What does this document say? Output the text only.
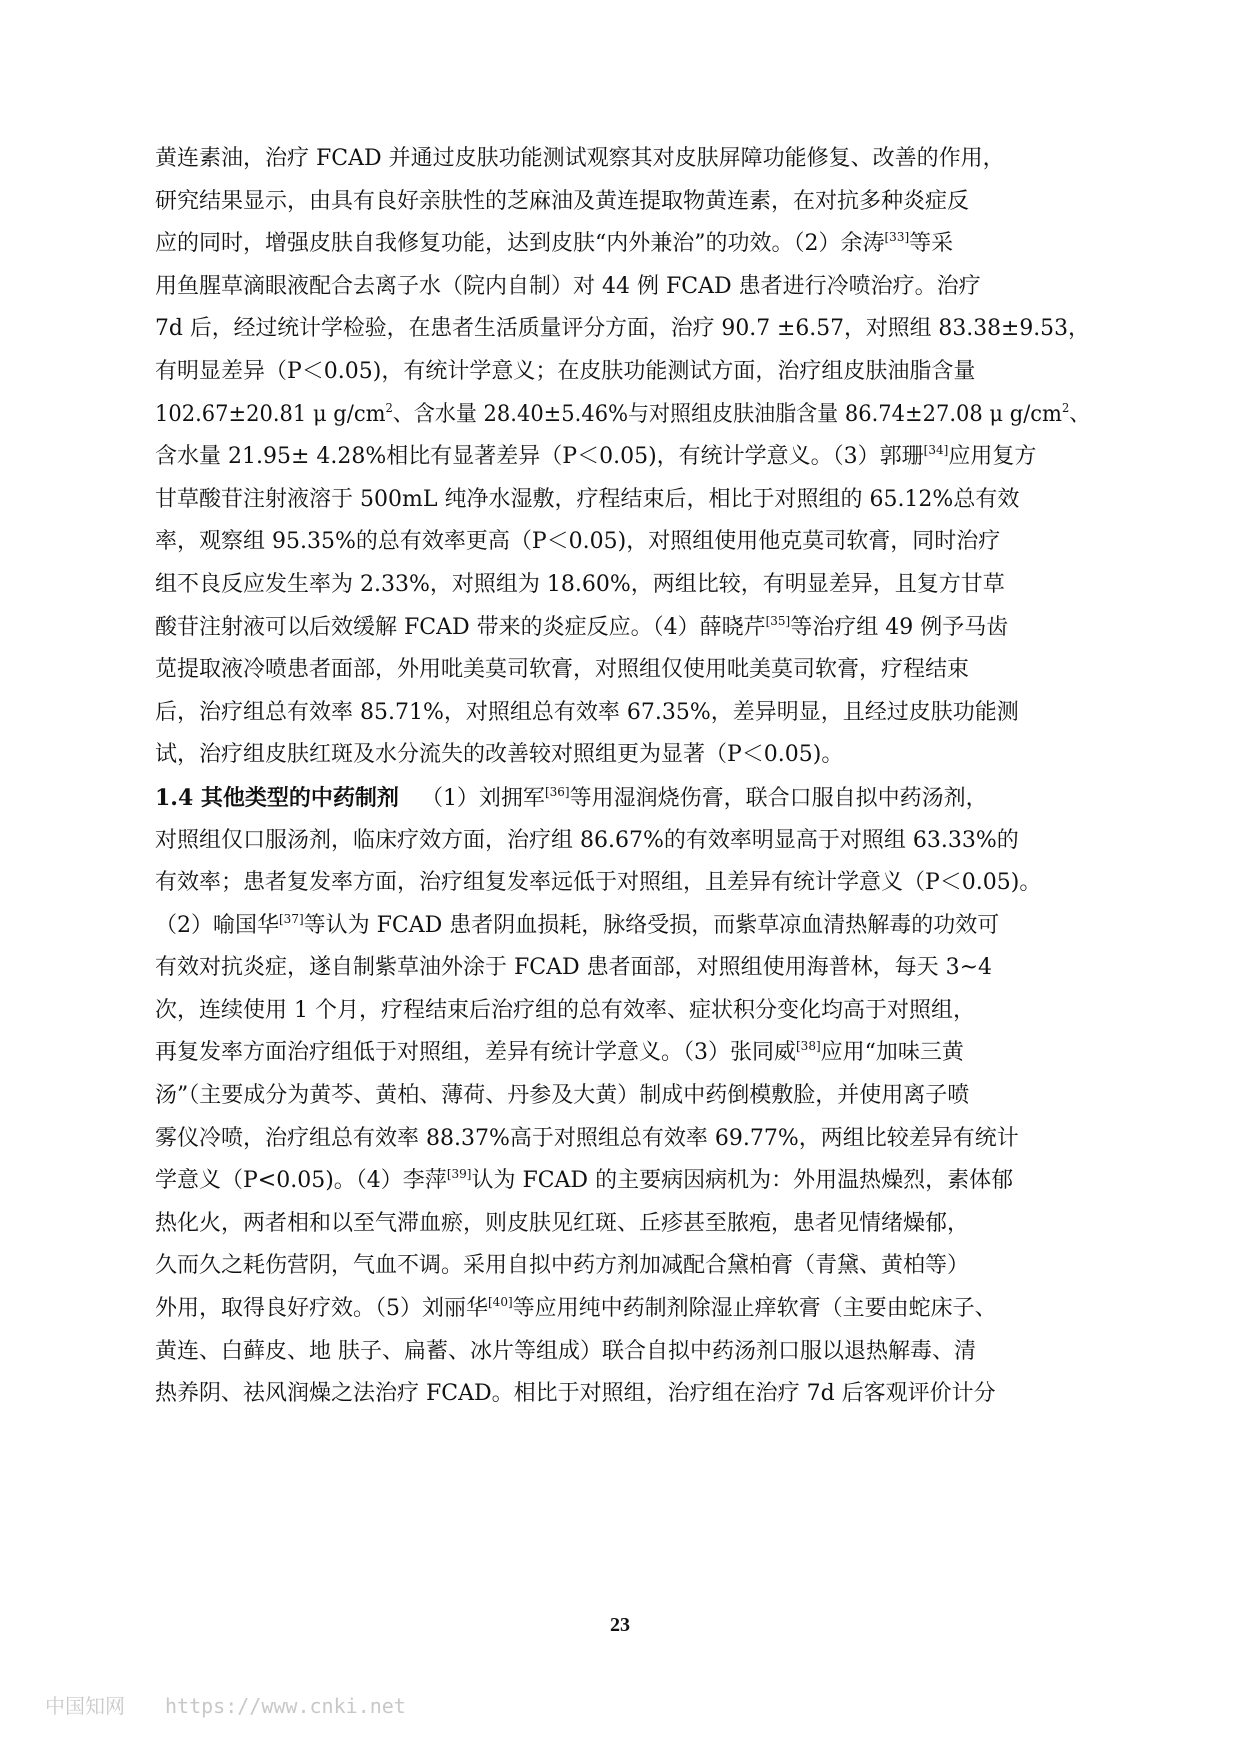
黄连素油，治疗 FCAD 并通过皮肤功能测试观察其对皮肤屏障功能修复、改善的作用，
研究结果显示，由具有良好亲肤性的芝麻油及黄连提取物黄连素，在对抗多种炎症反
应的同时，增强皮肤自我修复功能，达到皮肤“内外兼治”的功效。（2）余涛[33]等采
用鱼腥草滴眼液配合去离子水（院内自制）对 44 例 FCAD 患者进行冷喷治疗。治疗
7d 后，经过统计学检验，在患者生活质量评分方面，治疗 90.7 ±6.57，对照组 83.38±9.53，
有明显差异（P＜0.05)，有统计学意义；在皮肤功能测试方面，治疗组皮肤油脂含量
102.67±20.81 μ $g/cm^2$、含水量 28.40±5.46%与对照组皮肤油脂含量 86.74±27.08 μ $g/cm^2$、
含水量 21.95± 4.28%相比有显著差异（P＜0.05)，有统计学意义。（3）郭珊[34]应用复方
甘草酸苷注射液溶于 500mL 纯净水湿敷，疗程结束后，相比于对照组的 65.12%总有效
率，观察组 95.35%的总有效率更高（P＜0.05)，对照组使用他克莫司软膏，同时治疗
组不良反应发生率为 2.33%，对照组为 18.60%，两组比较，有明显差异，且复方甘草
酸苷注射液可以后效缓解 FCAD 带来的炎症反应。（4）薛晓芹[35]等治疗组 49 例予马齿
苋提取液冷喷患者面部，外用吡美莫司软膏，对照组仅使用吡美莫司软膏，疗程结束
后，治疗组总有效率 85.71%，对照组总有效率 67.35%，差异明显，且经过皮肤功能测
试，治疗组皮肤红斑及水分流失的改善较对照组更为显著（P＜0.05)。
1.4 其他类型的中药制剂 （1）刘拥军[36]等用湿润烧伤膏，联合口服自拟中药汤剂，
对照组仅口服汤剂，临床疗效方面，治疗组 86.67%的有效率明显高于对照组 63.33%的
有效率；患者复发率方面，治疗组复发率远低于对照组，且差异有统计学意义（P＜0.05)。
（2）喻国华[37]等认为 FCAD 患者阴血损耗，脉络受损，而紫草凉血清热解毒的功效可
有效对抗炎症，遂自制紫草油外涂于 FCAD 患者面部，对照组使用海普林，每天 3~4
次，连续使用 1 个月，疗程结束后治疗组的总有效率、症状积分变化均高于对照组，
再复发率方面治疗组低于对照组，差异有统计学意义。（3）张同威[38]应用“加味三黄
汤”（主要成分为黄芩、黄柏、薄荷、丹参及大黄）制成中药倒模敷脸，并使用离子喷
雾仪冷喷，治疗组总有效率 88.37%高于对照组总有效率 69.77%，两组比较差异有统计
学意义（P<0.05)。（4）李萍[39]认为 FCAD 的主要病因病机为：外用温热燥烈，素体郁
热化火，两者相和以至气滞血瘀，则皮肤见红斑、丘疹甚至脓疱，患者见情绪燥郁，
久而久之耗伤营阴，气血不调。采用自拟中药方剂加减配合黛柏膏（青黛、黄柏等）
外用，取得良好疗效。（5）刘丽华[40]等应用纯中药制剂除湿止痒软膏（主要由蛇床子、
黄连、白藓皮、地 肤子、扁蓄、冰片等组成）联合自拟中药汤剂口服以退热解毒、清
热养阴、祛风润燥之法治疗 FCAD。相比于对照组，治疗组在治疗 7d 后客观评价计分
23
中国知网 https://www.cnki.net
